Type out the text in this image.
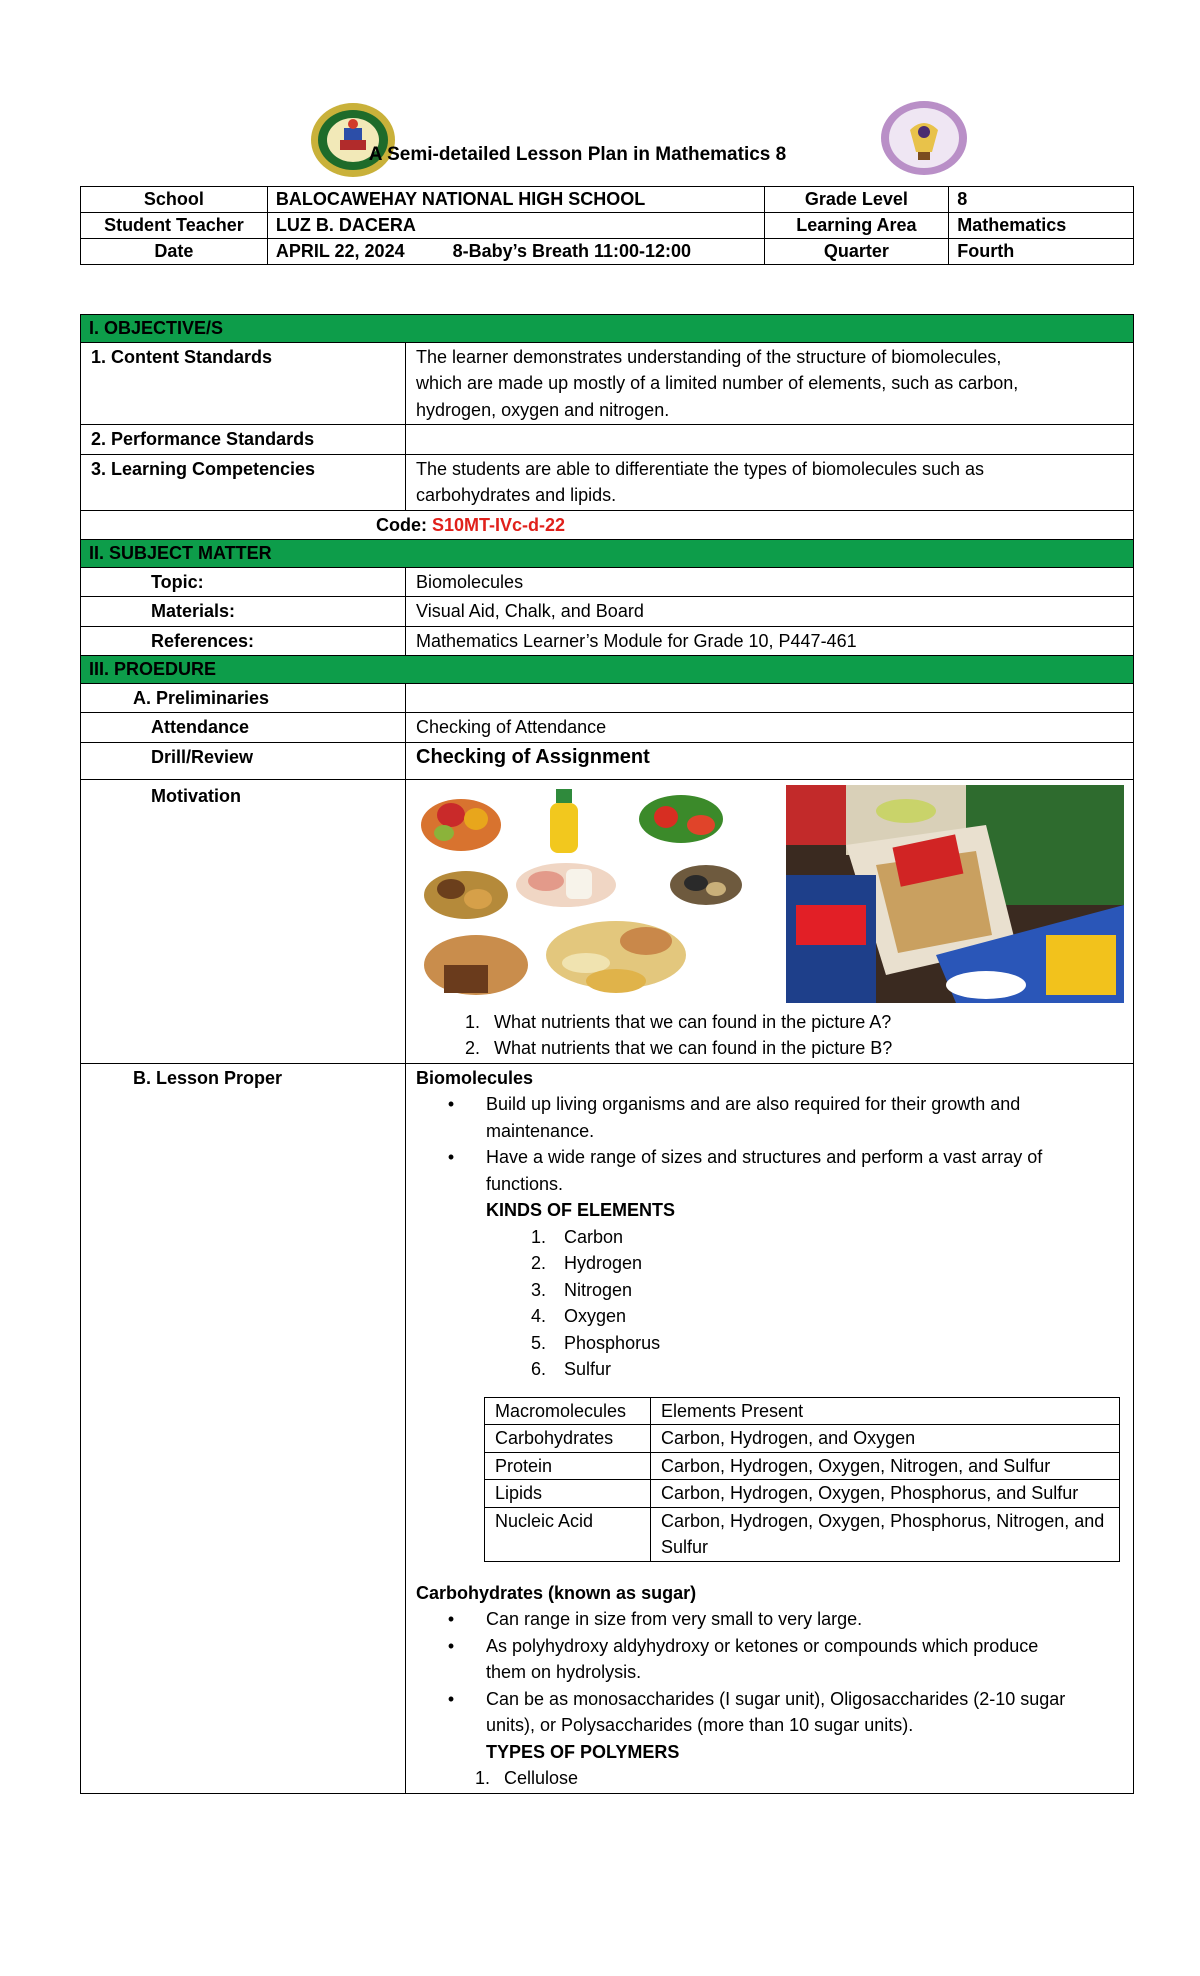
A Semi-detailed Lesson Plan in Mathematics 8
School	BALOCAWEHAY NATIONAL HIGH SCHOOL	Grade Level	8
Student Teacher	LUZ B. DACERA	Learning Area	Mathematics
Date	APRIL 22, 2024 8-Baby’s Breath 11:00-12:00	Quarter	Fourth
I. OBJECTIVE/S
1. Content Standards	The learner demonstrates understanding of the structure of biomolecules,
which are made up mostly of a limited number of elements, such as carbon,
hydrogen, oxygen and nitrogen.

2. Performance Standards	
3. Learning Competencies	The students are able to differentiate the types of biomolecules such as
carbohydrates and lipids.

Code: S10MT-IVc-d-22
II. SUBJECT MATTER
Topic:	Biomolecules
Materials:	Visual Aid, Chalk, and Board
References:	Mathematics Learner’s Module for Grade 10, P447-461
III. PROEDURE
A. Preliminaries	
Attendance	Checking of Attendance
Drill/Review	Checking of Assignment
Motivation	
1. What nutrients that we can found in the picture A?
2. What nutrients that we can found in the picture B?

B. Lesson Proper	Biomolecules
•	Build up living organisms and are also required for their growth and
maintenance.
•	Have a wide range of sizes and structures and perform a vast array of
functions.
KINDS OF ELEMENTS
1.	Carbon
2.	Hydrogen
3.	Nitrogen
4.	Oxygen
5.	Phosphorus
6.	Sulfur
Macromolecules	Elements Present
Carbohydrates	Carbon, Hydrogen, and Oxygen
Protein	Carbon, Hydrogen, Oxygen, Nitrogen, and Sulfur
Lipids	Carbon, Hydrogen, Oxygen, Phosphorus, and Sulfur
Nucleic Acid	Carbon, Hydrogen, Oxygen, Phosphorus, Nitrogen, and Sulfur
Carbohydrates (known as sugar)
•	Can range in size from very small to very large.
•	As polyhydroxy aldyhydroxy or ketones or compounds which produce
them on hydrolysis.
•	Can be as monosaccharides (I sugar unit), Oligosaccharides (2-10 sugar
units), or Polysaccharides (more than 10 sugar units).
TYPES OF POLYMERS
1. Cellulose
